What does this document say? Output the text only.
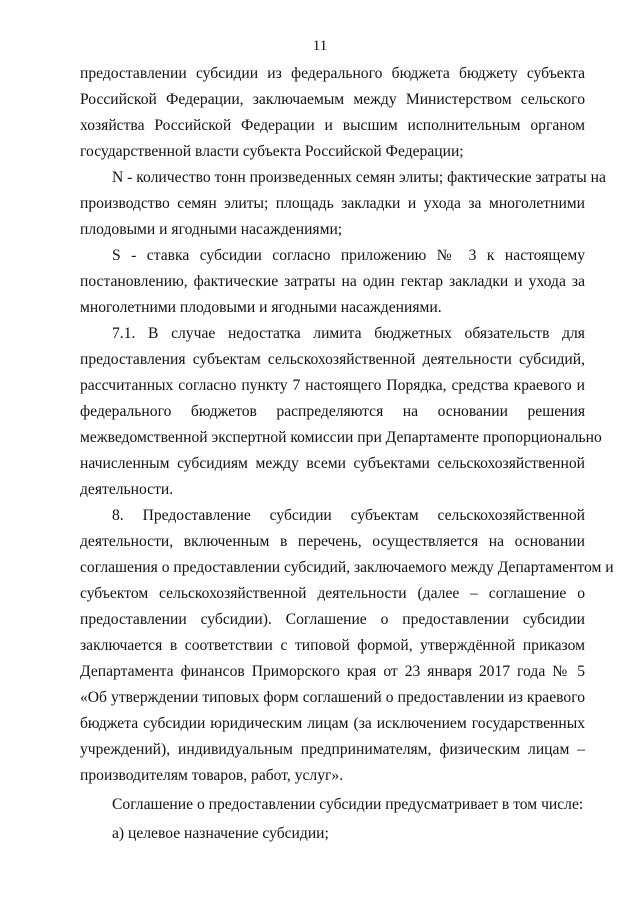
11
предоставлении субсидии из федерального бюджета бюджету субъекта
Российской Федерации, заключаемым между Министерством сельского
хозяйства Российской Федерации и высшим исполнительным органом
государственной власти субъекта Российской Федерации;
N - количество тонн произведенных семян элиты; фактические затраты на
производство семян элиты; площадь закладки и ухода за многолетними
плодовыми и ягодными насаждениями;
S - ставка субсидии согласно приложению № 3 к настоящему
постановлению, фактические затраты на один гектар закладки и ухода за
многолетними плодовыми и ягодными насаждениями.
7.1. В случае недостатка лимита бюджетных обязательств для
предоставления субъектам сельскохозяйственной деятельности субсидий,
рассчитанных согласно пункту 7 настоящего Порядка, средства краевого и
федерального бюджетов распределяются на основании решения
межведомственной экспертной комиссии при Департаменте пропорционально
начисленным субсидиям между всеми субъектами сельскохозяйственной
деятельности.
8. Предоставление субсидии субъектам сельскохозяйственной
деятельности, включенным в перечень, осуществляется на основании
соглашения о предоставлении субсидий, заключаемого между Департаментом и
субъектом сельскохозяйственной деятельности (далее – соглашение о
предоставлении субсидии). Соглашение о предоставлении субсидии
заключается в соответствии с типовой формой, утверждённой приказом
Департамента финансов Приморского края от 23 января 2017 года № 5
«Об утверждении типовых форм соглашений о предоставлении из краевого
бюджета субсидии юридическим лицам (за исключением государственных
учреждений), индивидуальным предпринимателям, физическим лицам –
производителям товаров, работ, услуг».
Соглашение о предоставлении субсидии предусматривает в том числе:
а) целевое назначение субсидии;
